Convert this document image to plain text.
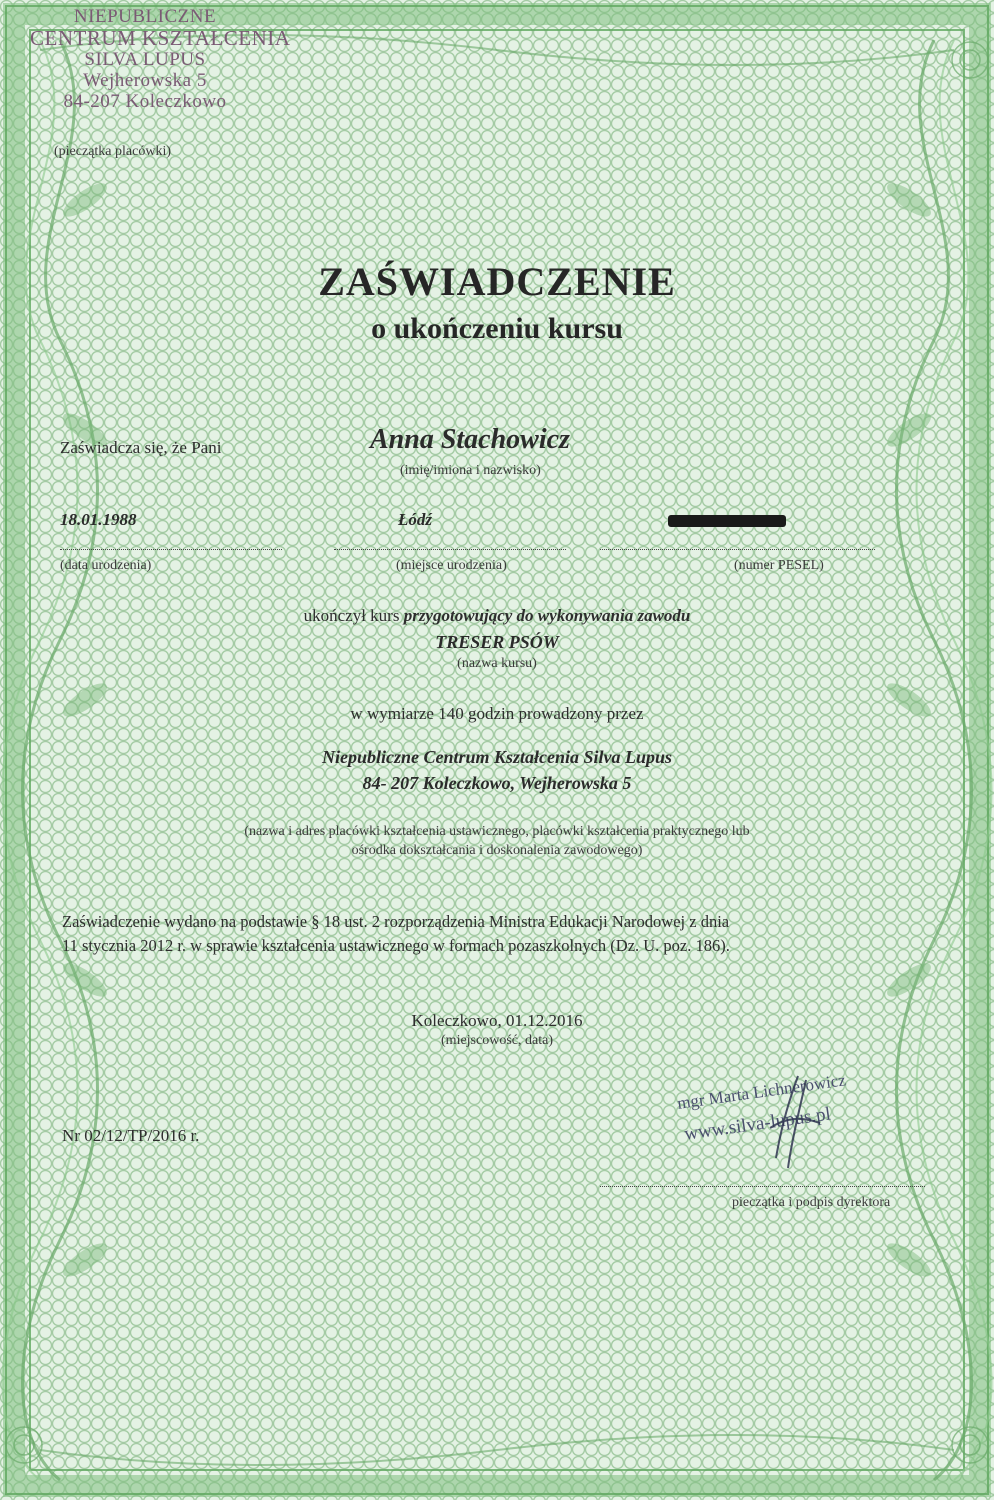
NIEPUBLICZNE
CENTRUM KSZTAŁCENIA
SILVA LUPUS
Wejherowska 5
84-207 Koleczkowo
(pieczątka placówki)
ZAŚWIADCZENIE
o ukończeniu kursu
Zaświadcza się, że Pani	Anna Stachowicz
(imię/imiona i nazwisko)
18.01.1988	Łódź
(data urodzenia)	(miejsce urodzenia)	(numer PESEL)
ukończył kurs przygotowujący do wykonywania zawodu
TRESER PSÓW
(nazwa kursu)
w wymiarze 140 godzin prowadzony przez
Niepubliczne Centrum Kształcenia Silva Lupus
84- 207 Koleczkowo, Wejherowska 5
(nazwa i adres placówki kształcenia ustawicznego, placówki kształcenia praktycznego lub
ośrodka dokształcania i doskonalenia zawodowego)
Zaświadczenie wydano na podstawie § 18 ust. 2 rozporządzenia Ministra Edukacji Narodowej z dnia
11 stycznia 2012 r. w sprawie kształcenia ustawicznego w formach pozaszkolnych (Dz. U. poz. 186).
Koleczkowo, 01.12.2016
(miejscowość, data)
Nr 02/12/TP/2016 r.
mgr Marta Lichnerowicz
www.silva-lupus.pl
pieczątka i podpis dyrektora
